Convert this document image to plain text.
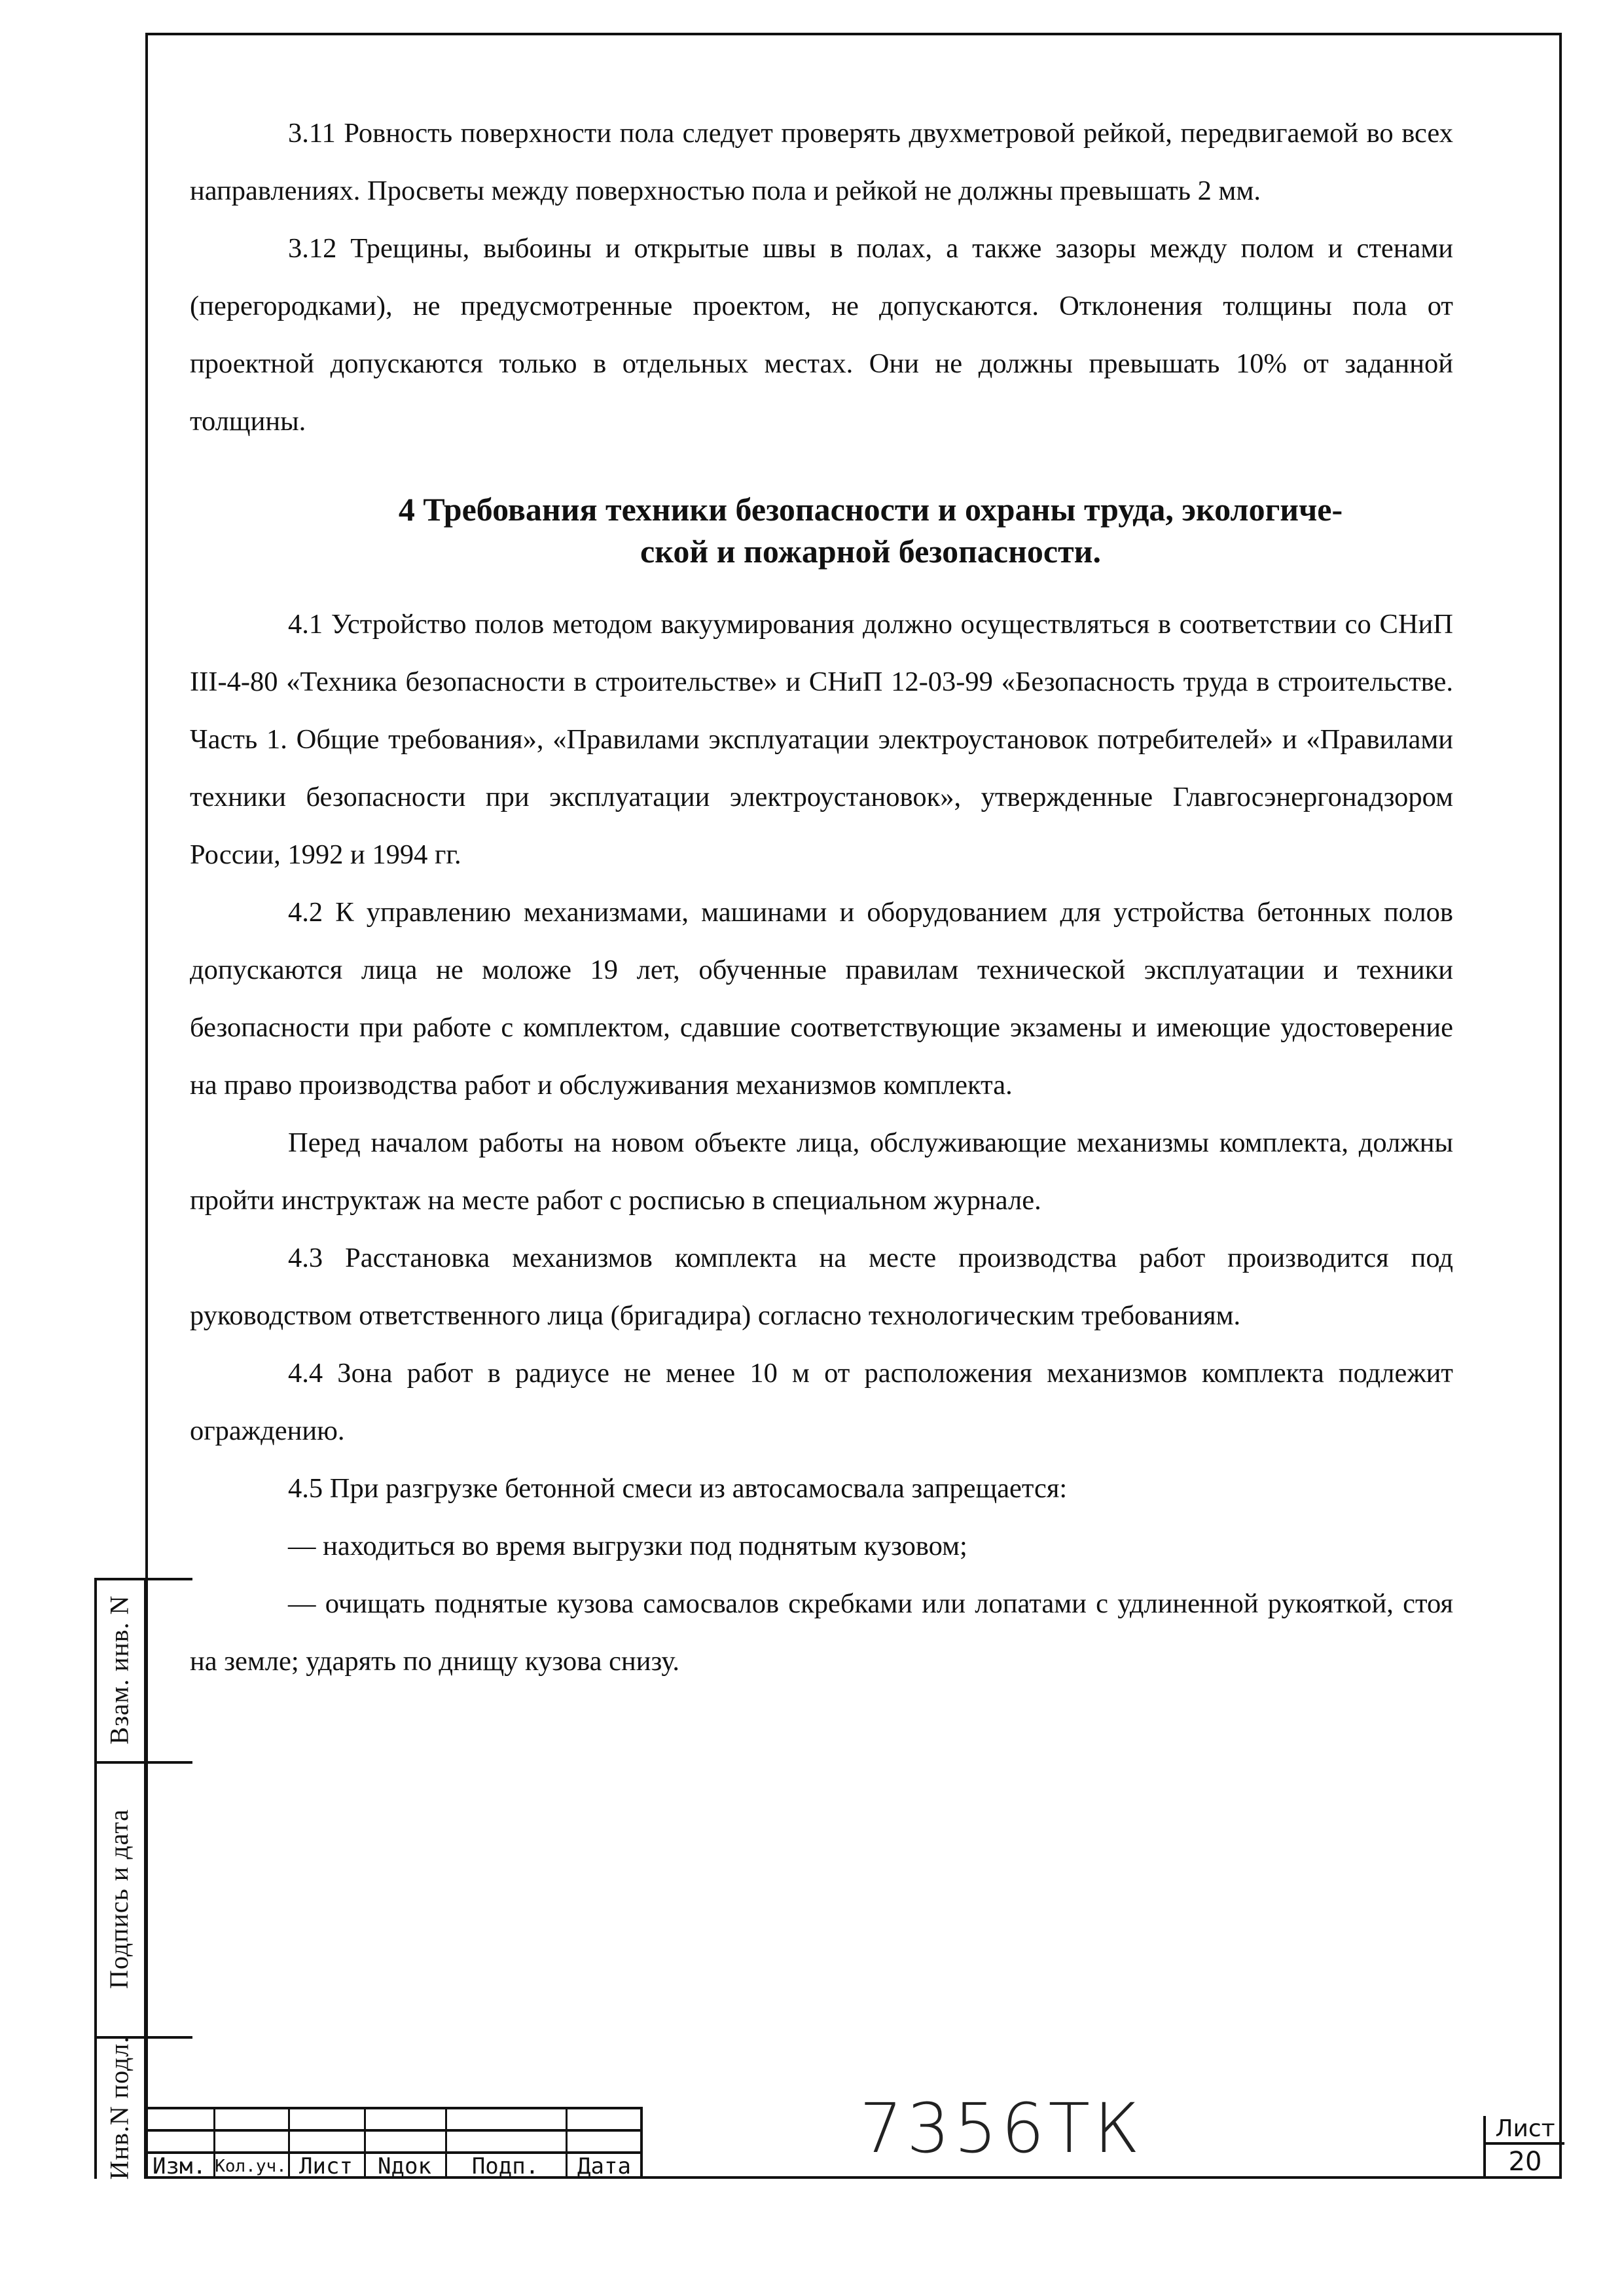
Взам. инв. N
Подпись и дата
Инв.N подл.

3.11 Ровность поверхности пола следует проверять двухметровой рейкой, передвигаемой во всех направлениях. Просветы между поверхностью пола и рейкой не должны превышать 2 мм.

3.12 Трещины, выбоины и открытые швы в полах, а также зазоры между полом и стенами (перегородками), не предусмотренные проектом, не допускаются. Отклонения толщины пола от проектной допускаются только в отдельных местах. Они не должны превышать 10% от заданной толщины.

4 Требования техники безопасности и охраны труда, экологиче-
ской и пожарной безопасности.

4.1 Устройство полов методом вакуумирования должно осуществляться в соответствии со СНиП III-4-80 «Техника безопасности в строительстве» и СНиП 12-03-99 «Безопасность труда в строительстве. Часть 1. Общие требования», «Правилами эксплуатации электроустановок потребителей» и «Правилами техники безопасности при эксплуатации электроустановок», утвержденные Главгосэнергонадзором России, 1992 и 1994 гг.

4.2 К управлению механизмами, машинами и оборудованием для устройства бетонных полов допускаются лица не моложе 19 лет, обученные правилам технической эксплуатации и техники безопасности при работе с комплектом, сдавшие соответствующие экзамены и имеющие удостоверение на право производства работ и обслуживания механизмов комплекта.

Перед началом работы на новом объекте лица, обслуживающие механизмы комплекта, должны пройти инструктаж на месте работ с росписью в специальном журнале.

4.3 Расстановка механизмов комплекта на месте производства работ производится под руководством ответственного лица (бригадира) согласно технологическим требованиям.

4.4 Зона работ в радиусе не менее 10 м от расположения механизмов комплекта подлежит ограждению.

4.5 При разгрузке бетонной смеси из автосамосвала запрещается:

— находиться во время выгрузки под поднятым кузовом;

— очищать поднятые кузова самосвалов скребками или лопатами с удлиненной рукояткой, стоя на земле; ударять по днищу кузова снизу.

Изм. Кол.уч. Лист	Nдок	Подп.	Дата	7356ТК	Лист
20
